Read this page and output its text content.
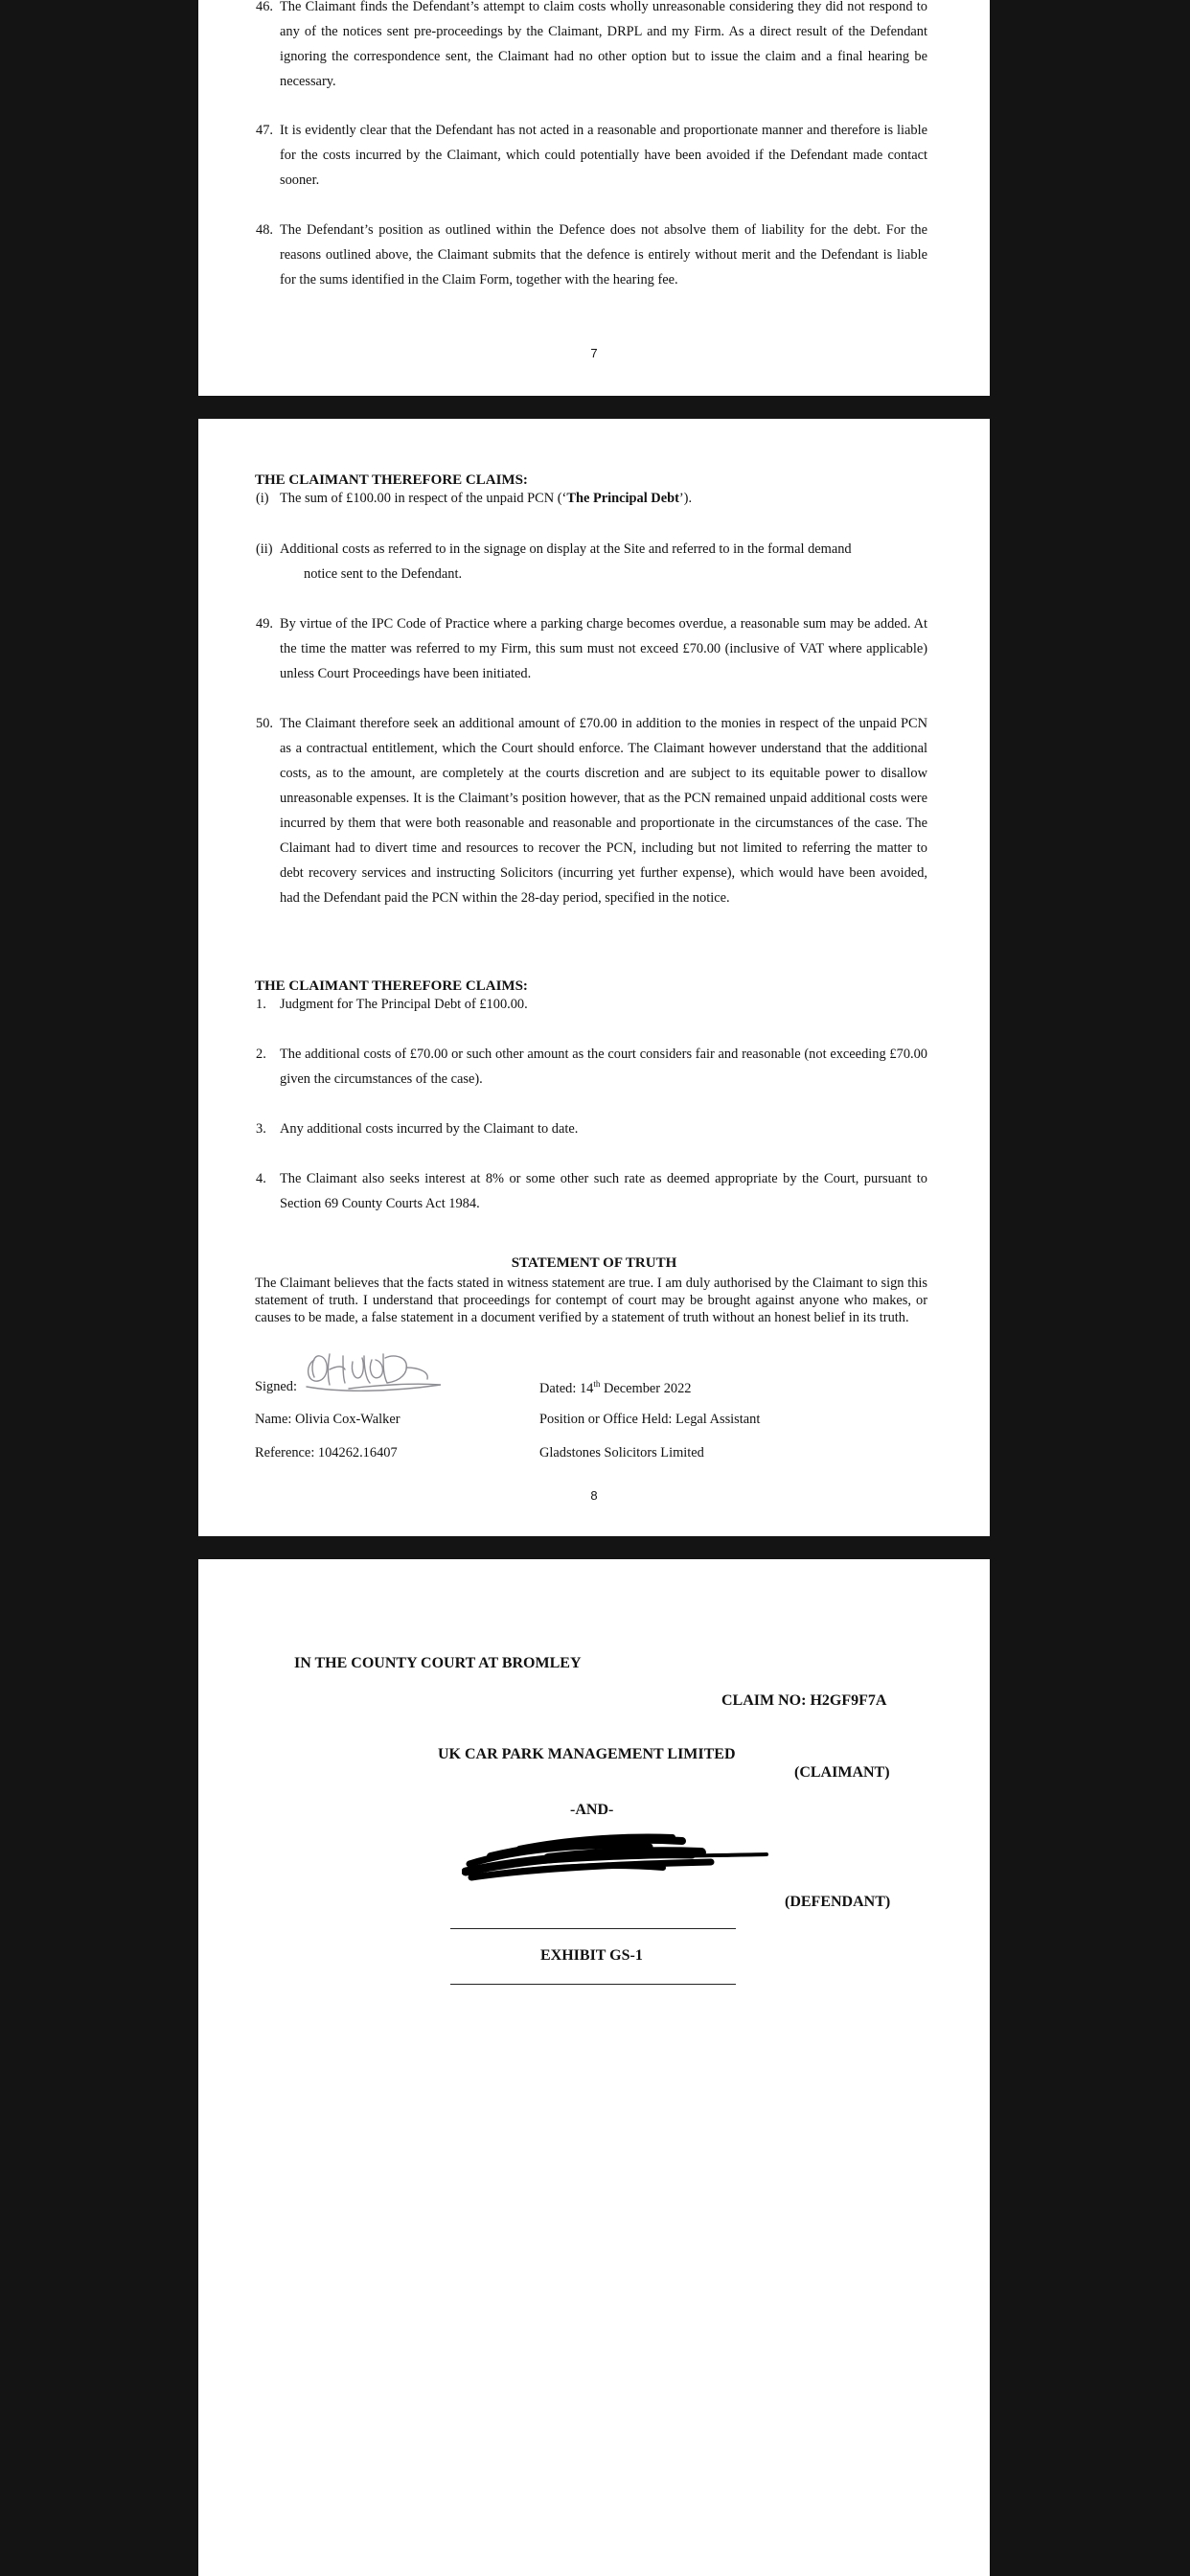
46. The Claimant finds the Defendant’s attempt to claim costs wholly unreasonable considering they did not respond to any of the notices sent pre-proceedings by the Claimant, DRPL and my Firm. As a direct result of the Defendant ignoring the correspondence sent, the Claimant had no other option but to issue the claim and a final hearing be necessary.
47. It is evidently clear that the Defendant has not acted in a reasonable and proportionate manner and therefore is liable for the costs incurred by the Claimant, which could potentially have been avoided if the Defendant made contact sooner.
48. The Defendant’s position as outlined within the Defence does not absolve them of liability for the debt. For the reasons outlined above, the Claimant submits that the defence is entirely without merit and the Defendant is liable for the sums identified in the Claim Form, together with the hearing fee.
7
THE CLAIMANT THEREFORE CLAIMS:
(i) The sum of £100.00 in respect of the unpaid PCN (‘The Principal Debt’).
(ii) Additional costs as referred to in the signage on display at the Site and referred to in the formal demand
notice sent to the Defendant.
49. By virtue of the IPC Code of Practice where a parking charge becomes overdue, a reasonable sum may be added. At the time the matter was referred to my Firm, this sum must not exceed £70.00 (inclusive of VAT where applicable) unless Court Proceedings have been initiated.
50. The Claimant therefore seek an additional amount of £70.00 in addition to the monies in respect of the unpaid PCN as a contractual entitlement, which the Court should enforce. The Claimant however understand that the additional costs, as to the amount, are completely at the courts discretion and are subject to its equitable power to disallow unreasonable expenses. It is the Claimant’s position however, that as the PCN remained unpaid additional costs were incurred by them that were both reasonable and reasonable and proportionate in the circumstances of the case. The Claimant had to divert time and resources to recover the PCN, including but not limited to referring the matter to debt recovery services and instructing Solicitors (incurring yet further expense), which would have been avoided, had the Defendant paid the PCN within the 28-day period, specified in the notice.
THE CLAIMANT THEREFORE CLAIMS:
1. Judgment for The Principal Debt of £100.00.
2. The additional costs of £70.00 or such other amount as the court considers fair and reasonable (not exceeding £70.00 given the circumstances of the case).
3. Any additional costs incurred by the Claimant to date.
4. The Claimant also seeks interest at 8% or some other such rate as deemed appropriate by the Court, pursuant to Section 69 County Courts Act 1984.
STATEMENT OF TRUTH
The Claimant believes that the facts stated in witness statement are true. I am duly authorised by the Claimant to sign this statement of truth. I understand that proceedings for contempt of court may be brought against anyone who makes, or causes to be made, a false statement in a document verified by a statement of truth without an honest belief in its truth.
Signed:	Dated: 14th December 2022
Name: Olivia Cox-Walker	Position or Office Held: Legal Assistant
Reference: 104262.16407	Gladstones Solicitors Limited
8
IN THE COUNTY COURT AT BROMLEY
CLAIM NO: H2GF9F7A
UK CAR PARK MANAGEMENT LIMITED
(CLAIMANT)
-AND-
(DEFENDANT)
EXHIBIT GS-1
